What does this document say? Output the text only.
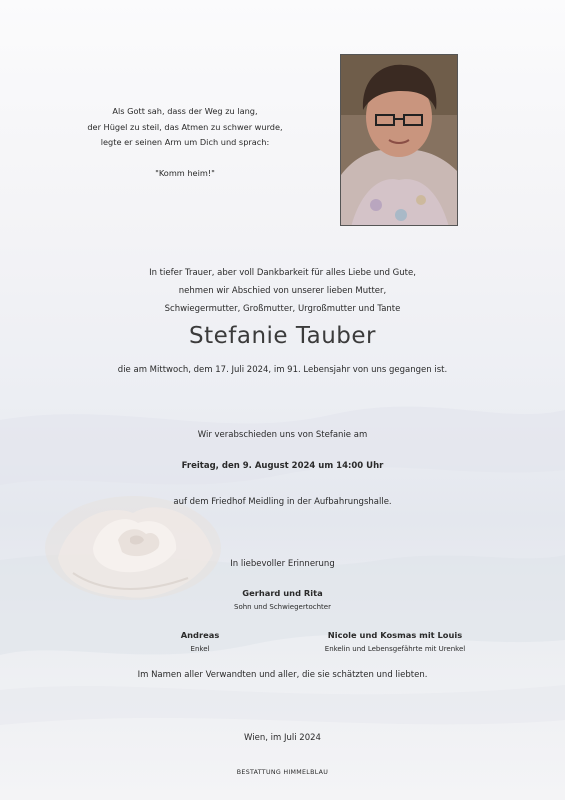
Als Gott sah, dass der Weg zu lang,
der Hügel zu steil, das Atmen zu schwer wurde,
legte er seinen Arm um Dich und sprach:
"Komm heim!"
In tiefer Trauer, aber voll Dankbarkeit für alles Liebe und Gute,
nehmen wir Abschied von unserer lieben Mutter,
Schwiegermutter, Großmutter, Urgroßmutter und Tante
Stefanie Tauber
die am Mittwoch, dem 17. Juli 2024, im 91. Lebensjahr von uns gegangen ist.
Wir verabschieden uns von Stefanie am
Freitag, den 9. August 2024 um 14:00 Uhr
auf dem Friedhof Meidling in der Aufbahrungshalle.
In liebevoller Erinnerung
Gerhard und Rita
Sohn und Schwiegertochter
Andreas
Enkel
Nicole und Kosmas mit Louis
Enkelin und Lebensgefährte mit Urenkel
Im Namen aller Verwandten und aller, die sie schätzten und liebten.
Wien, im Juli 2024
BESTATTUNG HIMMELBLAU
